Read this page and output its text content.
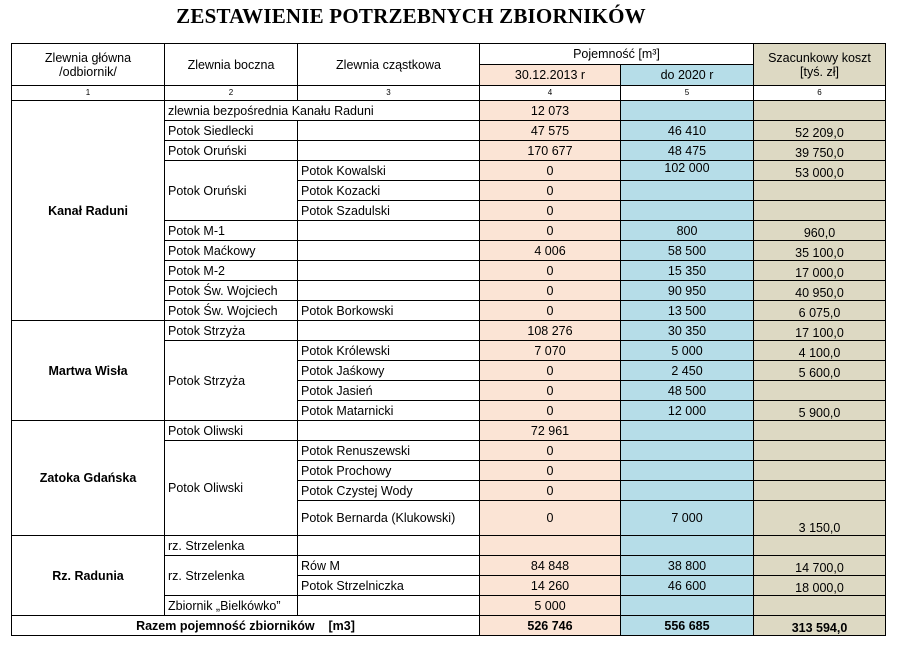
ZESTAWIENIE POTRZEBNYCH ZBIORNIKÓW
Zlewnia główna /odbiornik/	Zlewnia boczna	Zlewnia cząstkowa	Pojemność [m³]		Szacunkowy koszt [tyś. zł]
			30.12.2013 r	do 2020 r	
1	2	3	4	5	6
Kanał Raduni	zlewnia bezpośrednia Kanału Raduni		12 073		
	Potok Siedlecki		47 575	46 410	52 209,0
	Potok Oruński		170 677	48 475	39 750,0
	Potok Oruński	Potok Kowalski	0	102 000	53 000,0
		Potok Kozacki	0		
		Potok Szadulski	0		
	Potok M-1		0	800	960,0
	Potok Maćkowy		4 006	58 500	35 100,0
	Potok M-2		0	15 350	17 000,0
	Potok Św. Wojciech		0	90 950	40 950,0
	Potok Św. Wojciech	Potok Borkowski	0	13 500	6 075,0
Martwa Wisła	Potok Strzyża		108 276	30 350	17 100,0
	Potok Strzyża	Potok Królewski	7 070	5 000	4 100,0
		Potok Jaśkowy	0	2 450	5 600,0
		Potok Jasień	0	48 500	
		Potok Matarnicki	0	12 000	5 900,0
Zatoka Gdańska	Potok Oliwski		72 961		
	Potok Oliwski	Potok Renuszewski	0		
		Potok Prochowy	0		
		Potok Czystej Wody	0		
		Potok Bernarda (Klukowski)	0	7 000	3 150,0
Rz. Radunia	rz. Strzelenka				
	rz. Strzelenka	Rów M	84 848	38 800	14 700,0
		Potok Strzelniczka	14 260	46 600	18 000,0
	Zbiornik „Bielkówko”		5 000		
Razem pojemność zbiorników [m3]			526 746	556 685	313 594,0
